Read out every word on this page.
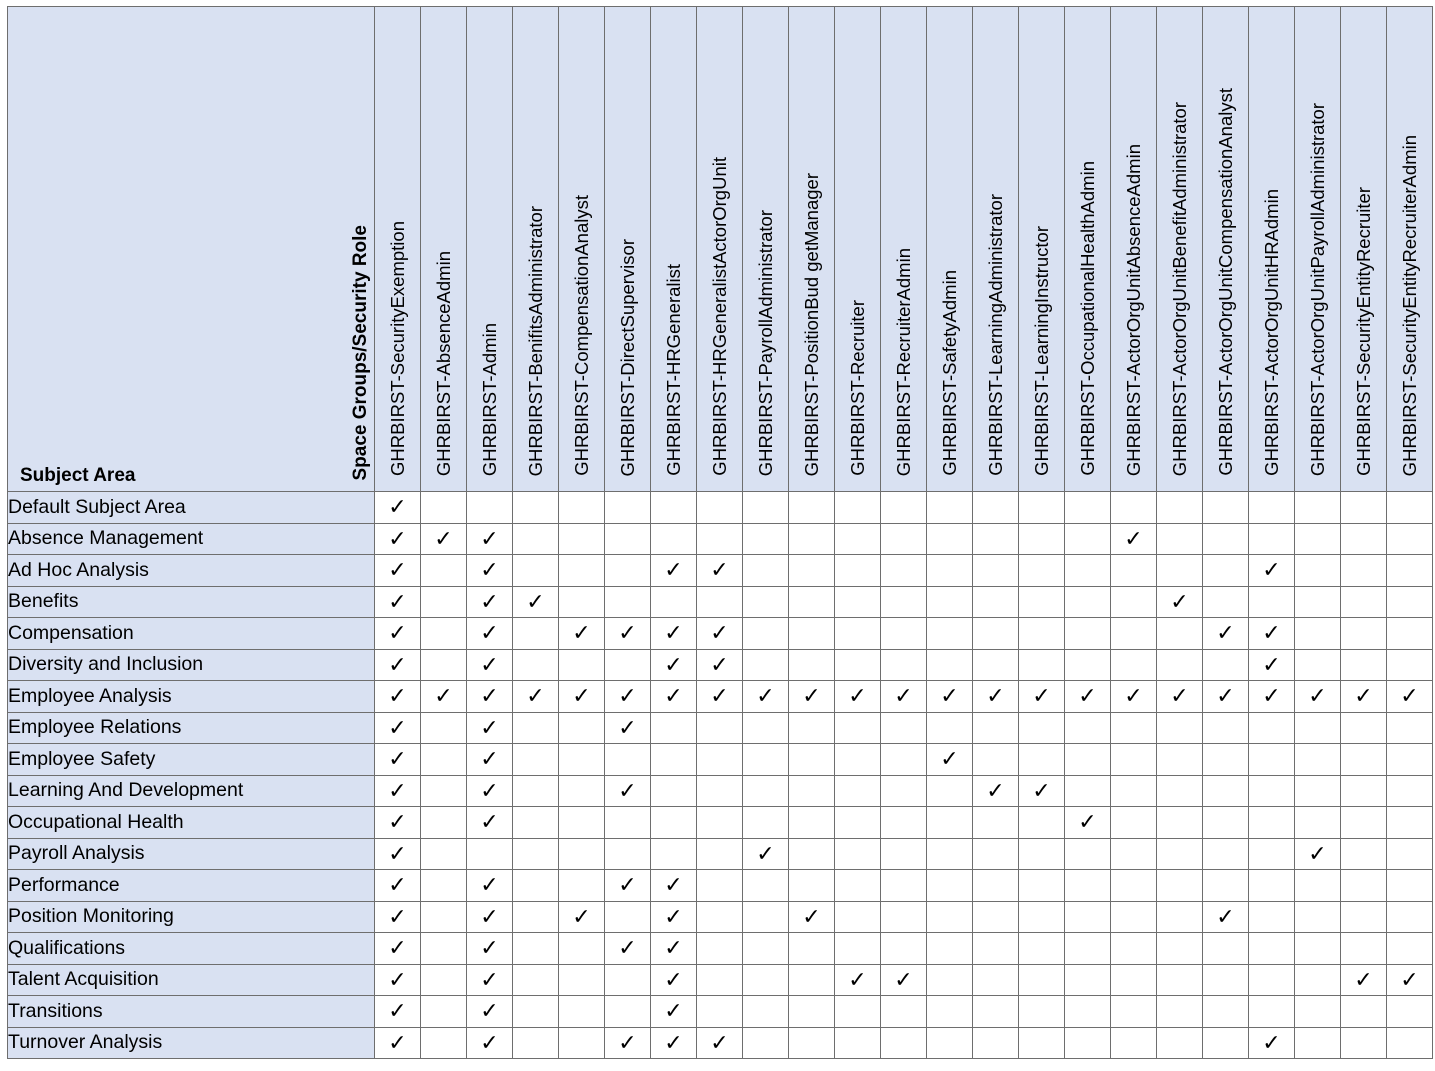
Subject Area Space Groups/Security Role	GHRBIRST-SecurityExemption	GHRBIRST-AbsenceAdmin	GHRBIRST-Admin	GHRBIRST-BenifitsAdministrator	GHRBIRST-CompensationAnalyst	GHRBIRST-DirectSupervisor	GHRBIRST-HRGeneralist	GHRBIRST-HRGeneralistActorOrgUnit	GHRBIRST-PayrollAdministrator	GHRBIRST-PositionBud getManager	GHRBIRST-Recruiter	GHRBIRST-RecruiterAdmin	GHRBIRST-SafetyAdmin	GHRBIRST-LearningAdministrator	GHRBIRST-LearningInstructor	GHRBIRST-OccupationalHealthAdmin	GHRBIRST-ActorOrgUnitAbsenceAdmin	GHRBIRST-ActorOrgUnitBenefitAdministrator	GHRBIRST-ActorOrgUnitCompensationAnalyst	GHRBIRST-ActorOrgUnitHRAdmin	GHRBIRST-ActorOrgUnitPayrollAdministrator	GHRBIRST-SecurityEntityRecruiter	GHRBIRST-SecurityEntityRecruiterAdmin
Default Subject Area	✓																						
Absence Management	✓	✓	✓														✓						
Ad Hoc Analysis	✓		✓				✓	✓												✓			
Benefits	✓		✓	✓														✓					
Compensation	✓		✓		✓	✓	✓	✓											✓	✓			
Diversity and Inclusion	✓		✓				✓	✓												✓			
Employee Analysis	✓	✓	✓	✓	✓	✓	✓	✓	✓	✓	✓	✓	✓	✓	✓	✓	✓	✓	✓	✓	✓	✓	✓
Employee Relations	✓		✓			✓																	
Employee Safety	✓		✓										✓										
Learning And Development	✓		✓			✓								✓	✓								
Occupational Health	✓		✓													✓							
Payroll Analysis	✓								✓												✓		
Performance	✓		✓			✓	✓																
Position Monitoring	✓		✓		✓		✓			✓									✓				
Qualifications	✓		✓			✓	✓																
Talent Acquisition	✓		✓				✓				✓	✓										✓	✓
Transitions	✓		✓				✓																
Turnover Analysis	✓		✓			✓	✓	✓												✓			
